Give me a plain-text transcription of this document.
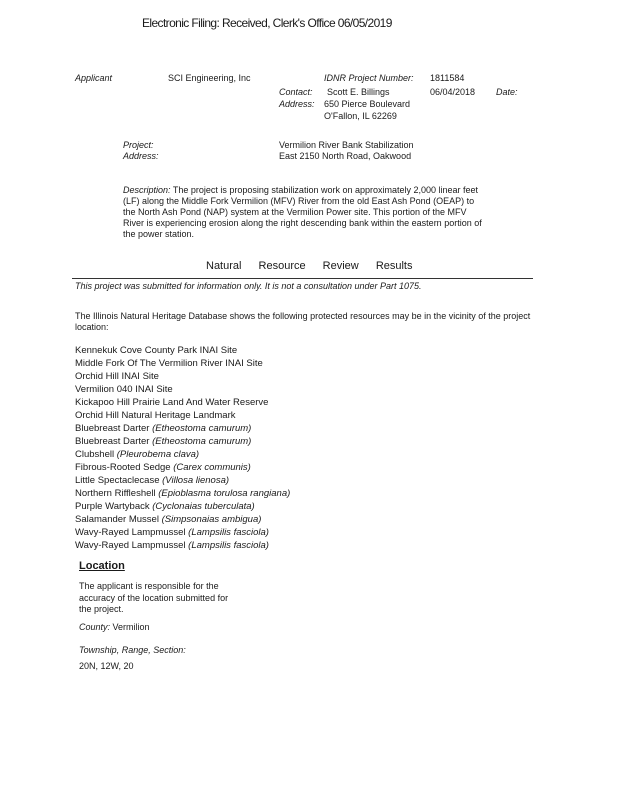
Electronic Filing: Received, Clerk's Office 06/05/2019
Applicant	SCI Engineering, Inc	IDNR Project Number: 1811584
Contact: Scott E. Billings	06/04/2018 Date:
Address: 650 Pierce Boulevard
O'Fallon, IL 62269
Project:	Vermilion River Bank Stabilization
Address:	East 2150 North Road, Oakwood
Description: The project is proposing stabilization work on approximately 2,000 linear feet (LF) along the Middle Fork Vermilion (MFV) River from the old East Ash Pond (OEAP) to the North Ash Pond (NAP) system at the Vermilion Power site. This portion of the MFV River is experiencing erosion along the right descending bank within the eastern portion of the power station.
Natural Resource Review Results
This project was submitted for information only. It is not a consultation under Part 1075.
The Illinois Natural Heritage Database shows the following protected resources may be in the vicinity of the project location:
Kennekuk Cove County Park INAI Site
Middle Fork Of The Vermilion River INAI Site
Orchid Hill INAI Site
Vermilion 040 INAI Site
Kickapoo Hill Prairie Land And Water Reserve
Orchid Hill Natural Heritage Landmark
Bluebreast Darter (Etheostoma camurum)
Bluebreast Darter (Etheostoma camurum)
Clubshell (Pleurobema clava)
Fibrous-Rooted Sedge (Carex communis)
Little Spectaclecase (Villosa lienosa)
Northern Riffleshell (Epioblasma torulosa rangiana)
Purple Wartyback (Cyclonaias tuberculata)
Salamander Mussel (Simpsonaias ambigua)
Wavy-Rayed Lampmussel (Lampsilis fasciola)
Wavy-Rayed Lampmussel (Lampsilis fasciola)
Location
The applicant is responsible for the accuracy of the location submitted for the project.
County: Vermilion
Township, Range, Section:
20N, 12W, 20
